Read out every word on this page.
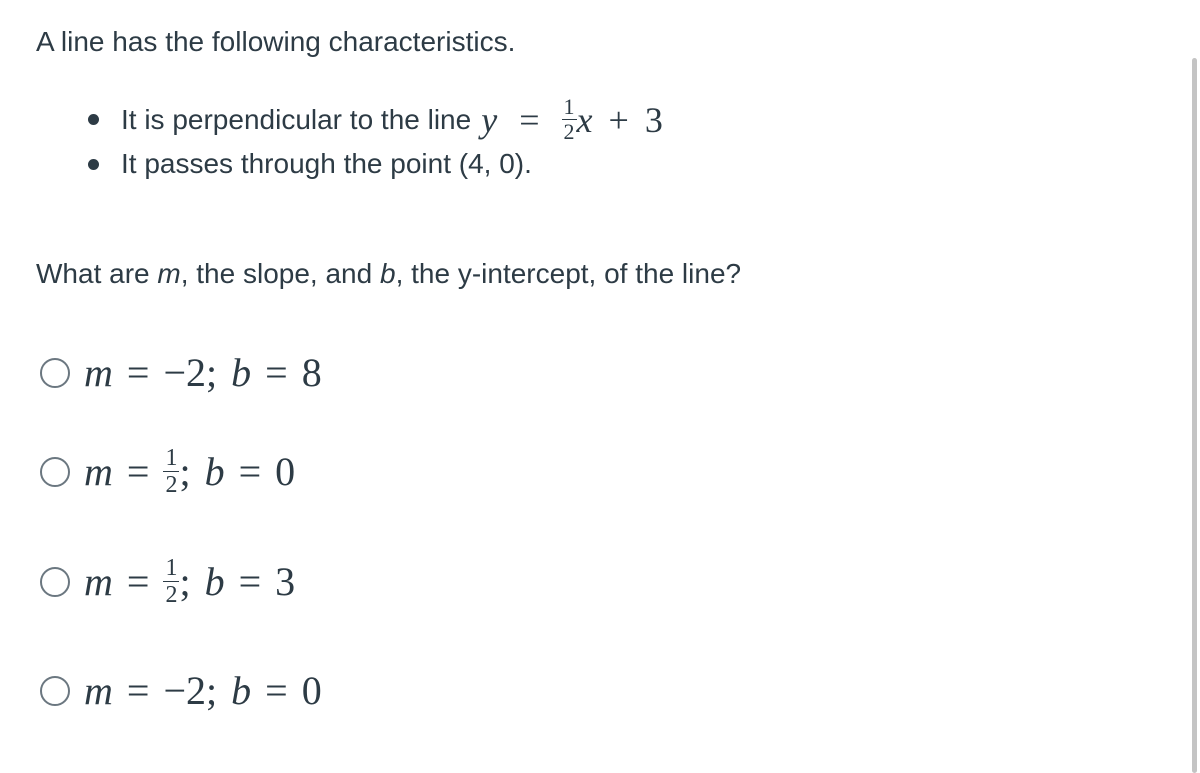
A line has the following characteristics.
It is perpendicular to the line $y = \frac{1}{2}$ x + 3
It passes through the point (4, 0).
What are m, the slope, and b, the y-intercept, of the line?
m = −2 ; b = 8
$m = \frac{1}{2}$ ; b = 0
$m = \frac{1}{2}$ ; b = 3
m = −2 ; b = 0
